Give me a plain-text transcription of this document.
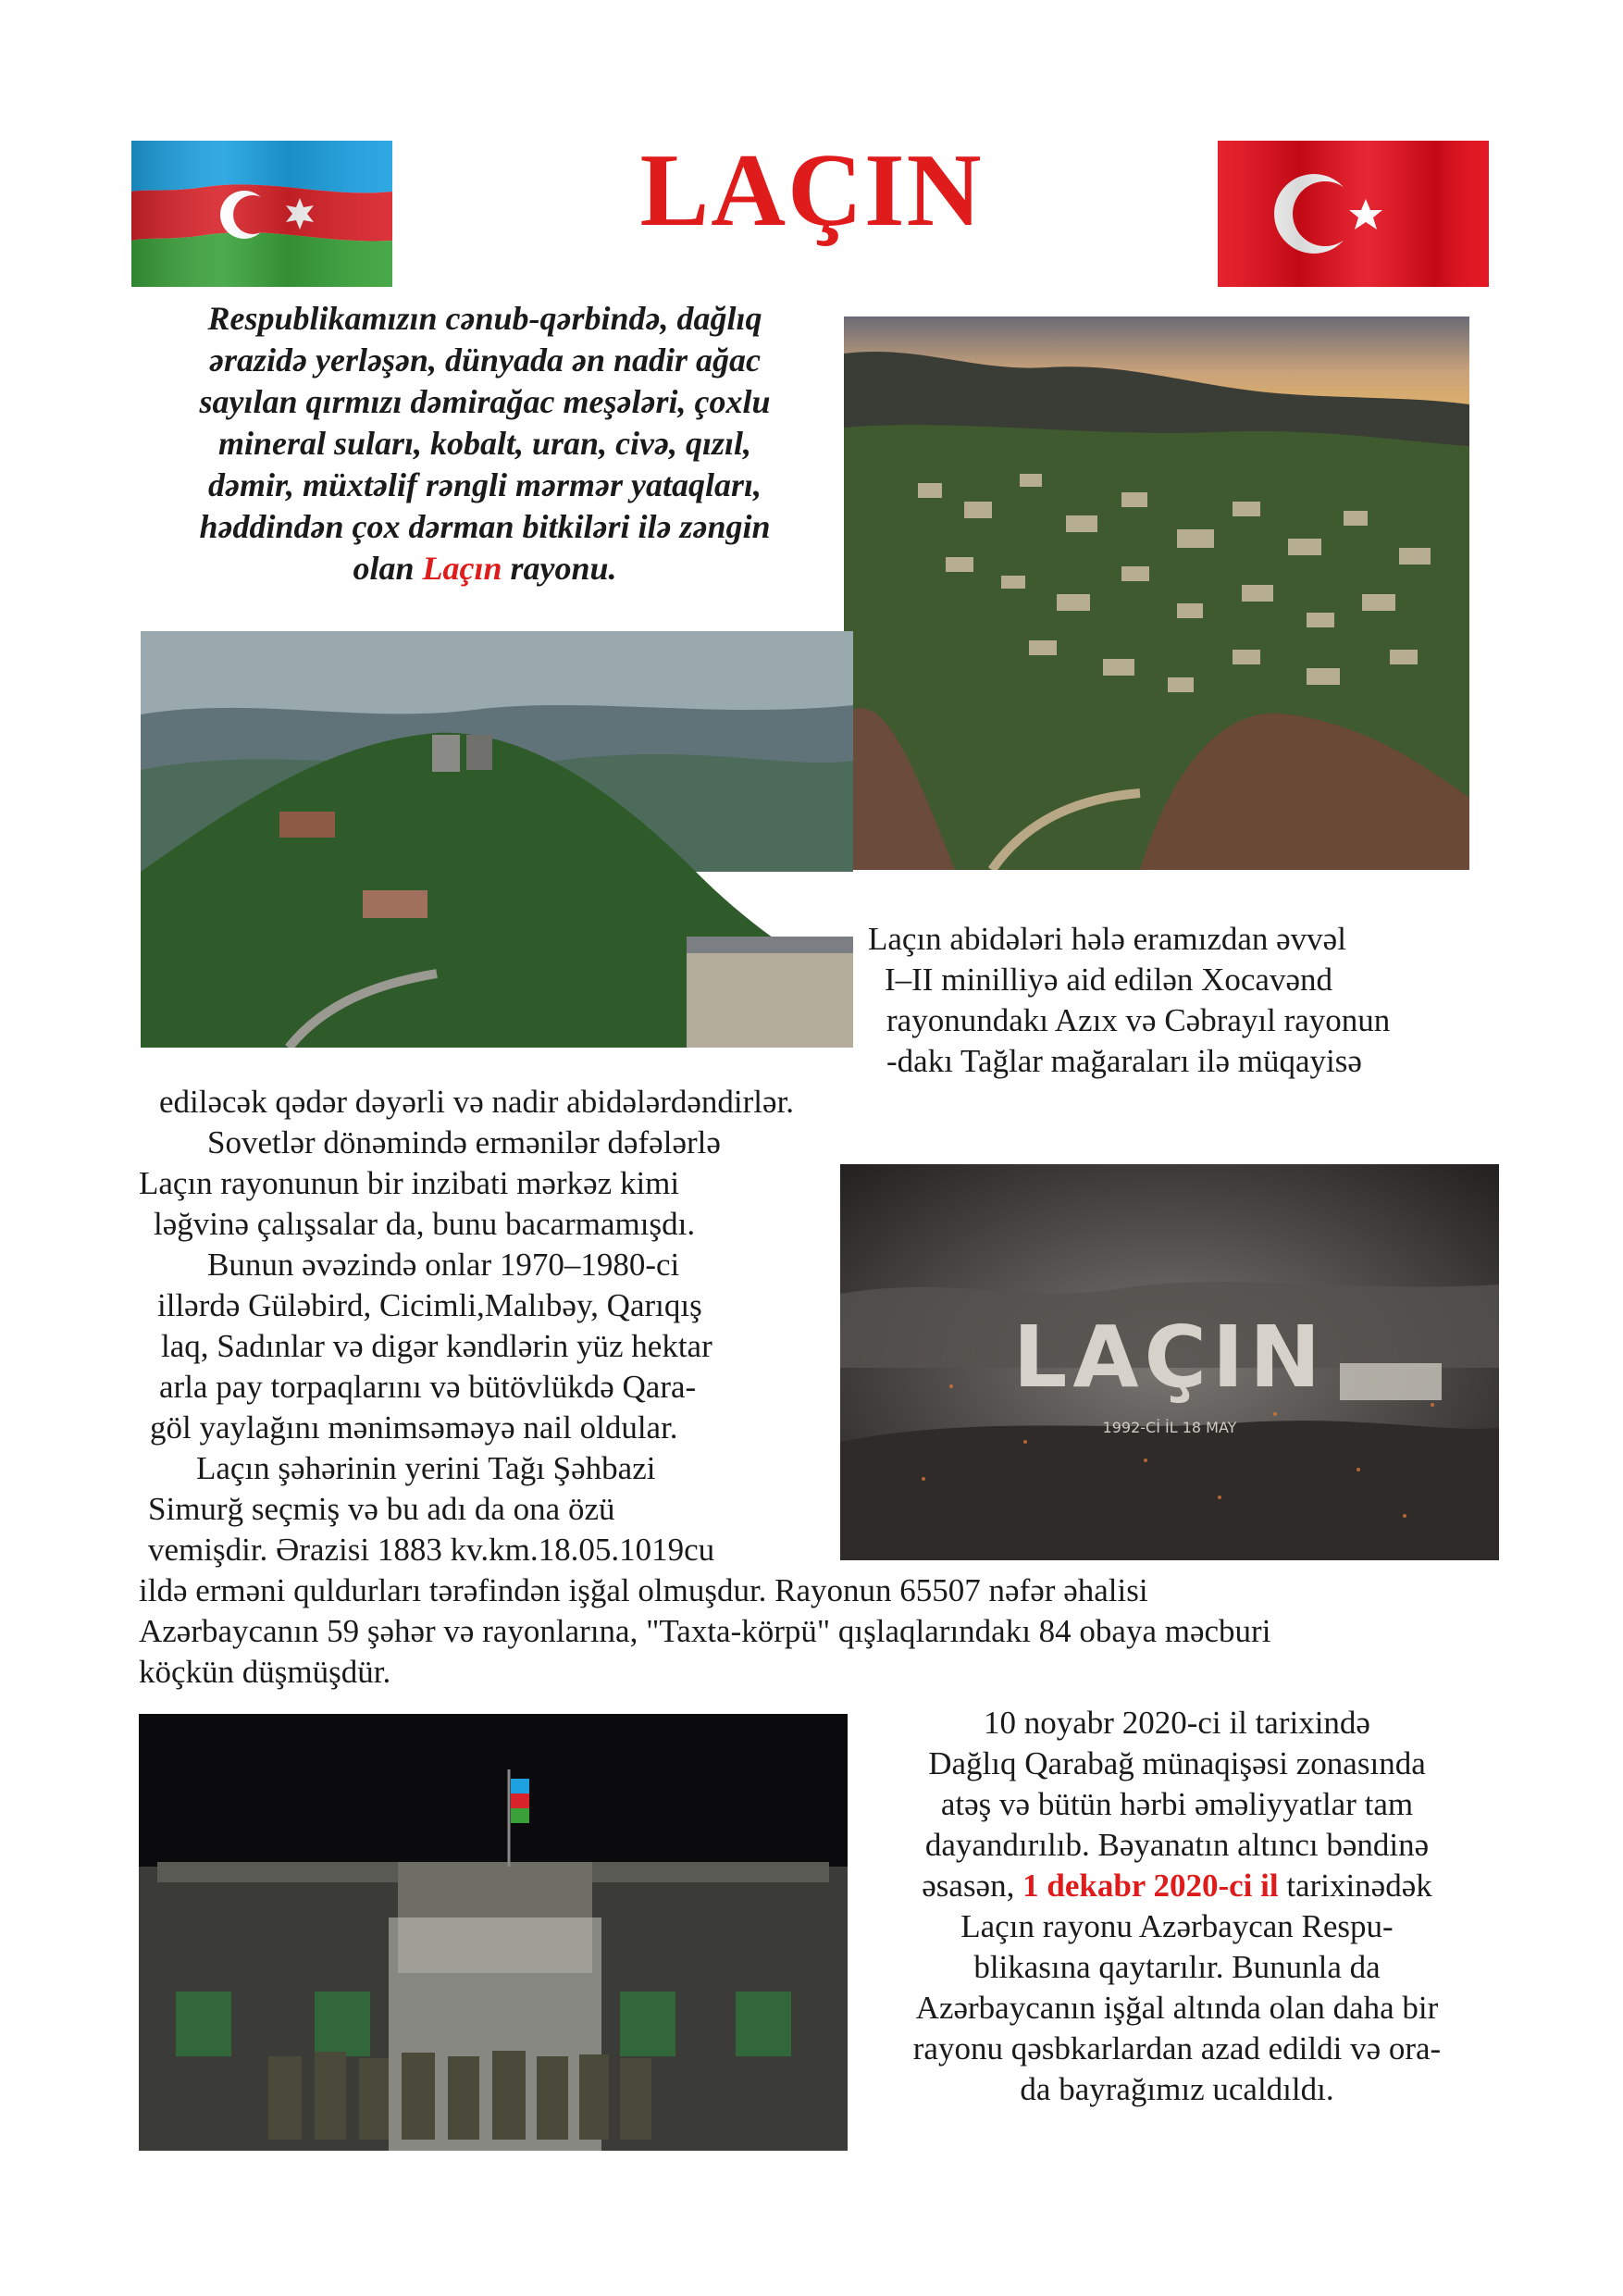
LAÇIN
Respublikamızın cənub-qərbində, dağlıq
ərazidə yerləşən, dünyada ən nadir ağac
sayılan qırmızı dəmirağac meşələri, çoxlu
mineral suları, kobalt, uran, civə, qızıl,
dəmir, müxtəlif rəngli mərmər yataqları,
həddindən çox dərman bitkiləri ilə zəngin
olan Laçın rayonu.
Laçın abidələri hələ eramızdan əvvəl
I–II minilliyə aid edilən Xocavənd
rayonundakı Azıx və Cəbrayıl rayonun
-dakı Tağlar mağaraları ilə müqayisə
ediləcək qədər dəyərli və nadir abidələrdəndirlər.
Sovetlər dönəmində ermənilər dəfələrlə
Laçın rayonunun bir inzibati mərkəz kimi
ləğvinə çalışsalar da, bunu bacarmamışdı.
Bunun əvəzində onlar 1970–1980-ci
illərdə Güləbird, Cicimli,Malıbəy, Qarıqış
laq, Sadınlar və digər kəndlərin yüz hektar
arla pay torpaqlarını və bütövlükdə Qara-
göl yaylağını mənimsəməyə nail oldular.
Laçın şəhərinin yerini Tağı Şəhbazi
Simurğ seçmiş və bu adı da ona özü
vemişdir. Ərazisi 1883 kv.km.18.05.1019cu
ildə erməni quldurları tərəfindən işğal olmuşdur. Rayonun 65507 nəfər əhalisi
Azərbaycanın 59 şəhər və rayonlarına, "Taxta-körpü" qışlaqlarındakı 84 obaya məcburi
köçkün düşmüşdür.
LAÇIN
1992-Cİ İL 18 MAY
10 noyabr 2020-ci il tarixində
Dağlıq Qarabağ münaqişəsi zonasında
atəş və bütün hərbi əməliyyatlar tam
dayandırılıb. Bəyanatın altıncı bəndinə
əsasən, 1 dekabr 2020-ci il tarixinədək
Laçın rayonu Azərbaycan Respu-
blikasına qaytarılır. Bununla da
Azərbaycanın işğal altında olan daha bir
rayonu qəsbkarlardan azad edildi və ora-
da bayrağımız ucaldıldı.
